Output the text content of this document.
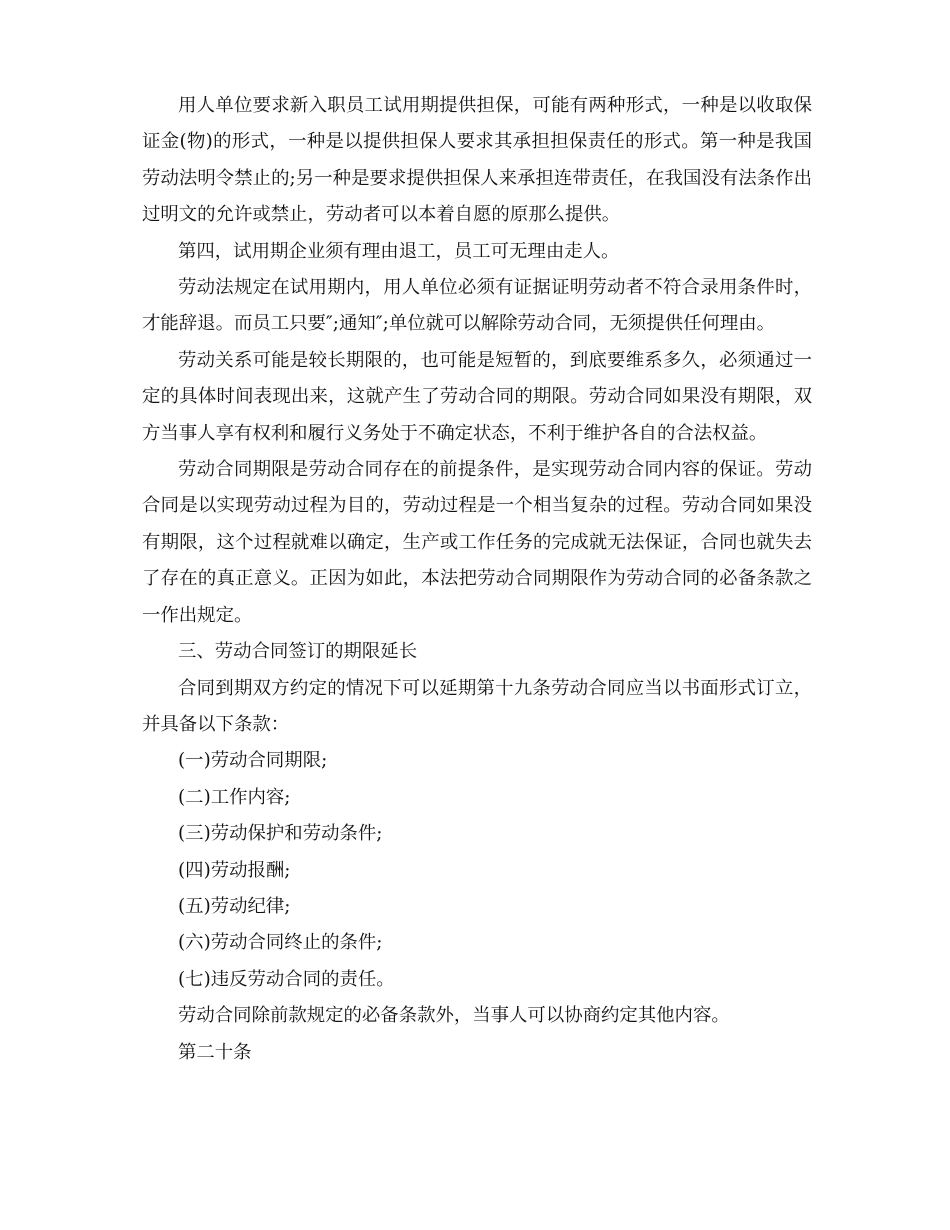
用人单位要求新入职员工试用期提供担保，可能有两种形式，一种是以收取保证金(物)的形式，一种是以提供担保人要求其承担担保责任的形式。第一种是我国劳动法明令禁止的;另一种是要求提供担保人来承担连带责任，在我国没有法条作出过明文的允许或禁止，劳动者可以本着自愿的原那么提供。

第四，试用期企业须有理由退工，员工可无理由走人。

劳动法规定在试用期内，用人单位必须有证据证明劳动者不符合录用条件时，才能辞退。而员工只要″;通知″;单位就可以解除劳动合同，无须提供任何理由。

劳动关系可能是较长期限的，也可能是短暂的，到底要维系多久，必须通过一定的具体时间表现出来，这就产生了劳动合同的期限。劳动合同如果没有期限，双方当事人享有权利和履行义务处于不确定状态，不利于维护各自的合法权益。

劳动合同期限是劳动合同存在的前提条件，是实现劳动合同内容的保证。劳动合同是以实现劳动过程为目的，劳动过程是一个相当复杂的过程。劳动合同如果没有期限，这个过程就难以确定，生产或工作任务的完成就无法保证，合同也就失去了存在的真正意义。正因为如此，本法把劳动合同期限作为劳动合同的必备条款之一作出规定。

三、劳动合同签订的期限延长

合同到期双方约定的情况下可以延期第十九条劳动合同应当以书面形式订立，并具备以下条款：

(一)劳动合同期限;

(二)工作内容;

(三)劳动保护和劳动条件;

(四)劳动报酬;

(五)劳动纪律;

(六)劳动合同终止的条件;

(七)违反劳动合同的责任。

劳动合同除前款规定的必备条款外，当事人可以协商约定其他内容。

第二十条
